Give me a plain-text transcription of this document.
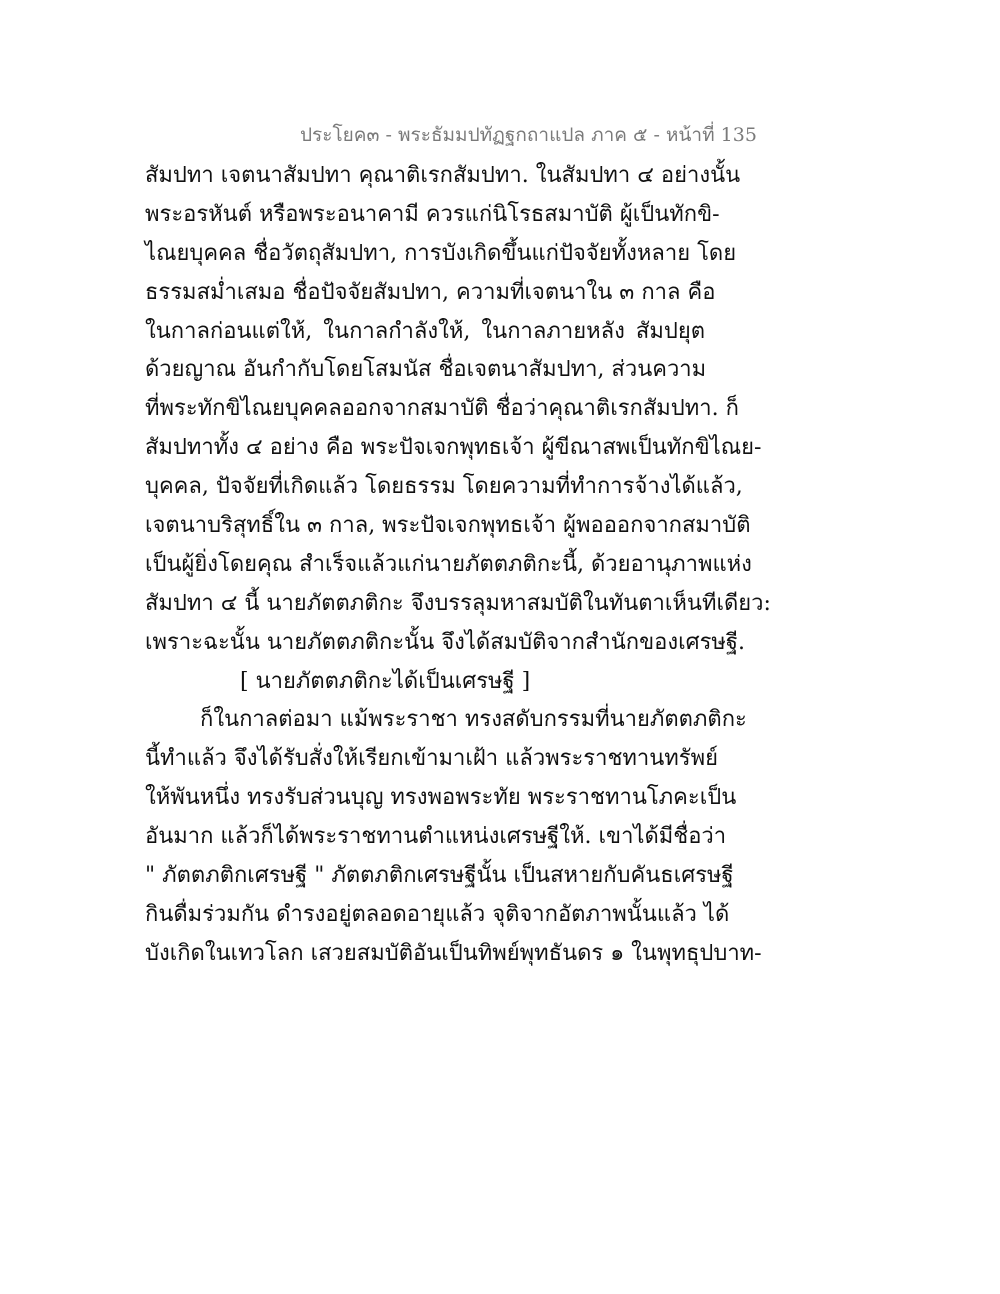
ประโยค๓ - พระธัมมปทัฏฐกถาแปล ภาค ๕ - หน้าที่ 135
สัมปทา เจตนาสัมปทา คุณาติเรกสัมปทา. ในสัมปทา ๔ อย่างนั้น
พระอรหันต์ หรือพระอนาคามี ควรแก่นิโรธสมาบัติ ผู้เป็นทักขิ-
ไณยบุคคล ชื่อวัตถุสัมปทา, การบังเกิดขึ้นแก่ปัจจัยทั้งหลาย โดย
ธรรมสม่ำเสมอ ชื่อปัจจัยสัมปทา, ความที่เจตนาใน ๓ กาล คือ
ในกาลก่อนแต่ให้, ในกาลกำลังให้, ในกาลภายหลัง สัมปยุต
ด้วยญาณ อันกำกับโดยโสมนัส ชื่อเจตนาสัมปทา, ส่วนความ
ที่พระทักขิไณยบุคคลออกจากสมาบัติ ชื่อว่าคุณาติเรกสัมปทา. ก็
สัมปทาทั้ง ๔ อย่าง คือ พระปัจเจกพุทธเจ้า ผู้ขีณาสพเป็นทักขิไณย-
บุคคล, ปัจจัยที่เกิดแล้ว โดยธรรม โดยความที่ทำการจ้างได้แล้ว,
เจตนาบริสุทธิ์ใน ๓ กาล, พระปัจเจกพุทธเจ้า ผู้พอออกจากสมาบัติ
เป็นผู้ยิ่งโดยคุณ สำเร็จแล้วแก่นายภัตตภติกะนี้, ด้วยอานุภาพแห่ง
สัมปทา ๔ นี้ นายภัตตภติกะ จึงบรรลุมหาสมบัติในทันตาเห็นทีเดียว:
เพราะฉะนั้น นายภัตตภติกะนั้น จึงได้สมบัติจากสำนักของเศรษฐี.
[ นายภัตตภติกะได้เป็นเศรษฐี ]
ก็ในกาลต่อมา แม้พระราชา ทรงสดับกรรมที่นายภัตตภติกะ
นี้ทำแล้ว จึงได้รับสั่งให้เรียกเข้ามาเฝ้า แล้วพระราชทานทรัพย์
ให้พันหนึ่ง ทรงรับส่วนบุญ ทรงพอพระทัย พระราชทานโภคะเป็น
อันมาก แล้วก็ได้พระราชทานตำแหน่งเศรษฐีให้. เขาได้มีชื่อว่า
" ภัตตภติกเศรษฐี " ภัตตภติกเศรษฐีนั้น เป็นสหายกับคันธเศรษฐี
กินดื่มร่วมกัน ดำรงอยู่ตลอดอายุแล้ว จุติจากอัตภาพนั้นแล้ว ได้
บังเกิดในเทวโลก เสวยสมบัติอันเป็นทิพย์พุทธันดร ๑ ในพุทธุปบาท-
